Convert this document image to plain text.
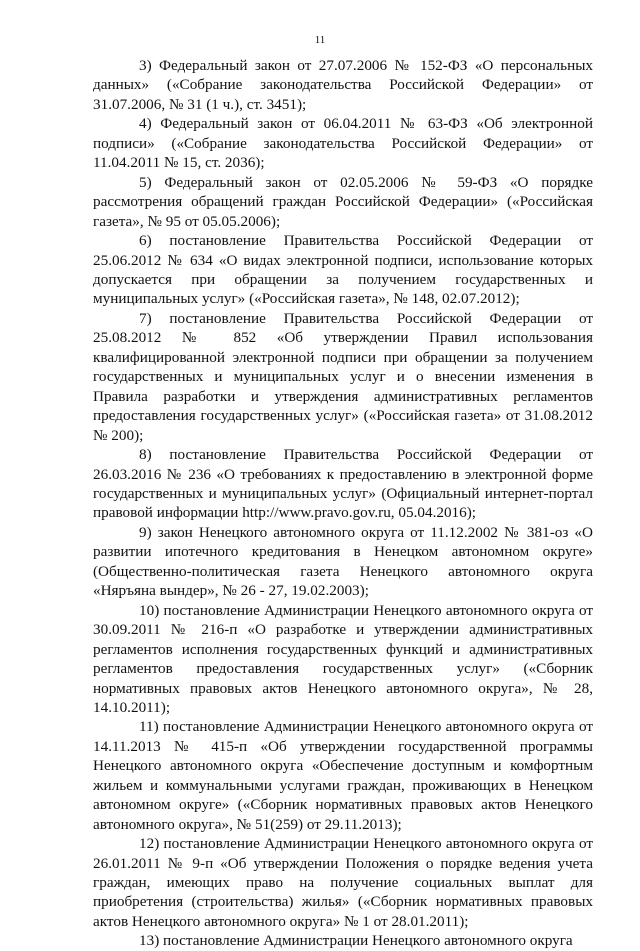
11

3) Федеральный закон от 27.07.2006 № 152-ФЗ «О персональных данных» («Собрание законодательства Российской Федерации» от 31.07.2006, № 31 (1 ч.), ст. 3451);

4) Федеральный закон от 06.04.2011 № 63-ФЗ «Об электронной подписи» («Собрание законодательства Российской Федерации» от 11.04.2011 № 15, ст. 2036);

5) Федеральный закон от 02.05.2006 № 59-ФЗ «О порядке рассмотрения обращений граждан Российской Федерации» («Российская газета», № 95 от 05.05.2006);

6) постановление Правительства Российской Федерации от 25.06.2012 № 634 «О видах электронной подписи, использование которых допускается при обращении за получением государственных и муниципальных услуг» («Российская газета», № 148, 02.07.2012);

7) постановление Правительства Российской Федерации от 25.08.2012 № 852 «Об утверждении Правил использования квалифицированной электронной подписи при обращении за получением государственных и муниципальных услуг и о внесении изменения в Правила разработки и утверждения административных регламентов предоставления государственных услуг» («Российская газета» от 31.08.2012 № 200);

8) постановление Правительства Российской Федерации от 26.03.2016 № 236 «О требованиях к предоставлению в электронной форме государственных и муниципальных услуг» (Официальный интернет-портал правовой информации http://www.pravo.gov.ru, 05.04.2016);

9) закон Ненецкого автономного округа от 11.12.2002 № 381-оз «О развитии ипотечного кредитования в Ненецком автономном округе» (Общественно-политическая газета Ненецкого автономного округа «Няръяна вындер», № 26 - 27, 19.02.2003);

10) постановление Администрации Ненецкого автономного округа от 30.09.2011 № 216-п «О разработке и утверждении административных регламентов исполнения государственных функций и административных регламентов предоставления государственных услуг» («Сборник нормативных правовых актов Ненецкого автономного округа», № 28, 14.10.2011);

11) постановление Администрации Ненецкого автономного округа от 14.11.2013 № 415-п «Об утверждении государственной программы Ненецкого автономного округа «Обеспечение доступным и комфортным жильем и коммунальными услугами граждан, проживающих в Ненецком автономном округе» («Сборник нормативных правовых актов Ненецкого автономного округа», № 51(259) от 29.11.2013);

12) постановление Администрации Ненецкого автономного округа от 26.01.2011 № 9-п «Об утверждении Положения о порядке ведения учета граждан, имеющих право на получение социальных выплат для приобретения (строительства) жилья» («Сборник нормативных правовых актов Ненецкого автономного округа» № 1 от 28.01.2011);

13) постановление Администрации Ненецкого автономного округа
